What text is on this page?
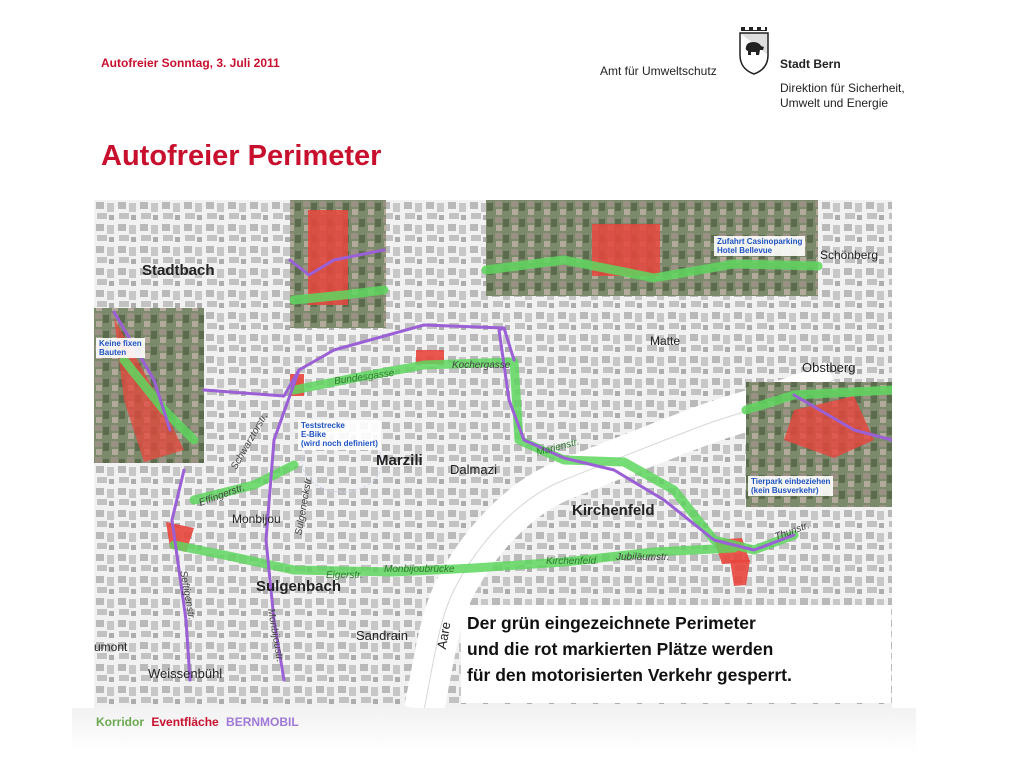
Autofreier Sonntag, 3. Juli 2011
Amt für Umweltschutz	Stadt Bern
Direktion für Sicherheit,
Umwelt und Energie
Autofreier Perimeter
Stadtbach
Marzili
Dalmazi
Kirchenfeld
Sulgenbach
Sandrain
Weissenbühl
Obstberg
Schönberg
Matte
Monbijou
Aare
umont
Bundesgasse
Kochergasse
Marienstr.
Thunstr.
Kirchenfeld
Monbijoubrücke
Eigerstr.
Seftigenstr.
Schwarztorstr.
Monbijoustr.
Effingerstr.	Sulgeneckstr.
Jubiläumstr.
Zufahrt Casinoparking
Hotel Bellevue
Tierpark einbeziehen
(kein Busverkehr)
Teststrecke
E-Bike
(wird noch definiert)
Keine fixen
Bauten
Der grün eingezeichnete Perimeter
und die rot markierten Plätze werden
für den motorisierten Verkehr gesperrt.
Korridor Eventfläche BERNMOBIL
